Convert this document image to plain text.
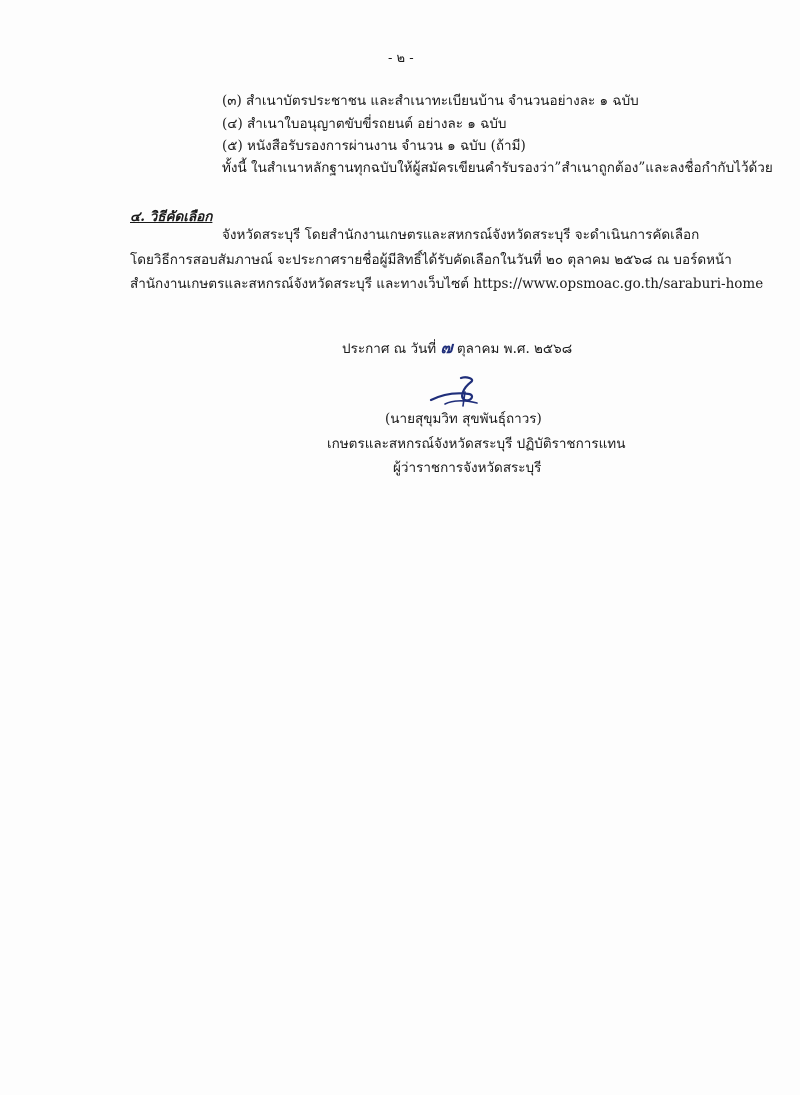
- ๒ -
(๓) สำเนาบัตรประชาชน และสำเนาทะเบียนบ้าน จำนวนอย่างละ ๑ ฉบับ
(๔) สำเนาใบอนุญาตขับขี่รถยนต์ อย่างละ ๑ ฉบับ
(๕) หนังสือรับรองการผ่านงาน จำนวน ๑ ฉบับ (ถ้ามี)
ทั้งนี้ ในสำเนาหลักฐานทุกฉบับให้ผู้สมัครเขียนคำรับรองว่า”สำเนาถูกต้อง”และลงชื่อกำกับไว้ด้วย
๔. วิธีคัดเลือก
จังหวัดสระบุรี โดยสำนักงานเกษตรและสหกรณ์จังหวัดสระบุรี จะดำเนินการคัดเลือก
โดยวิธีการสอบสัมภาษณ์ จะประกาศรายชื่อผู้มีสิทธิ์ได้รับคัดเลือกในวันที่ ๒๐ ตุลาคม ๒๕๖๘ ณ บอร์ดหน้า
สำนักงานเกษตรและสหกรณ์จังหวัดสระบุรี และทางเว็บไซต์ https://www.opsmoac.go.th/saraburi-home
ประกาศ ณ วันที่ ๗ ตุลาคม พ.ศ. ๒๕๖๘
(นายสุขุมวิท สุขพันธุ์ถาวร)
เกษตรและสหกรณ์จังหวัดสระบุรี ปฏิบัติราชการแทน
ผู้ว่าราชการจังหวัดสระบุรี
